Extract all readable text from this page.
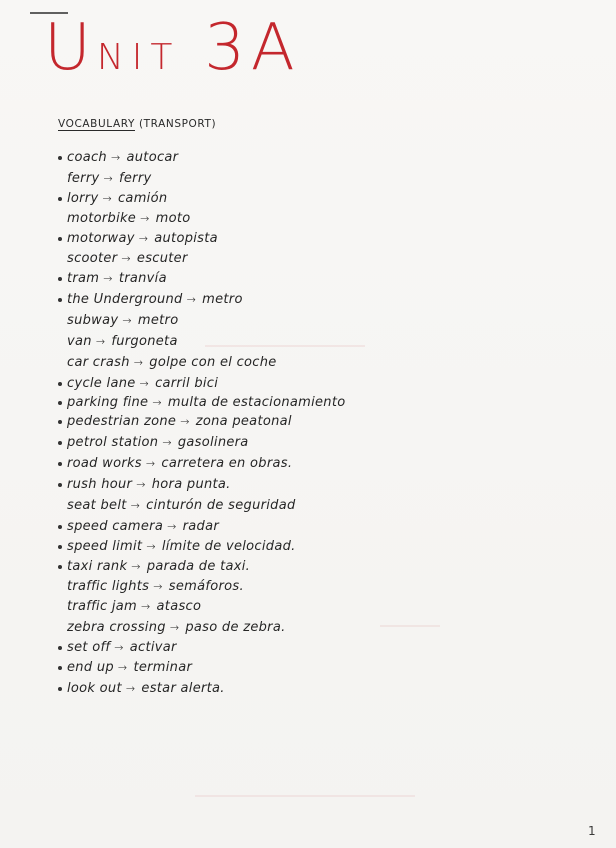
UNIT 3A

VOCABULARY (TRANSPORT)

coach → autocar
ferry → ferry
lorry → camión
motorbike → moto
motorway → autopista
scooter → escuter
tram → tranvía
the Underground → metro
subway → metro
van → furgoneta
car crash → golpe con el coche
cycle lane → carril bici
parking fine → multa de estacionamiento
pedestrian zone → zona peatonal
petrol station → gasolinera
road works → carretera en obras.
rush hour → hora punta.
seat belt → cinturón de seguridad
speed camera → radar
speed limit → límite de velocidad.
taxi rank → parada de taxi.
traffic lights → semáforos.
traffic jam → atasco
zebra crossing → paso de zebra.
set off → activar
end up → terminar
look out → estar alerta.
1
